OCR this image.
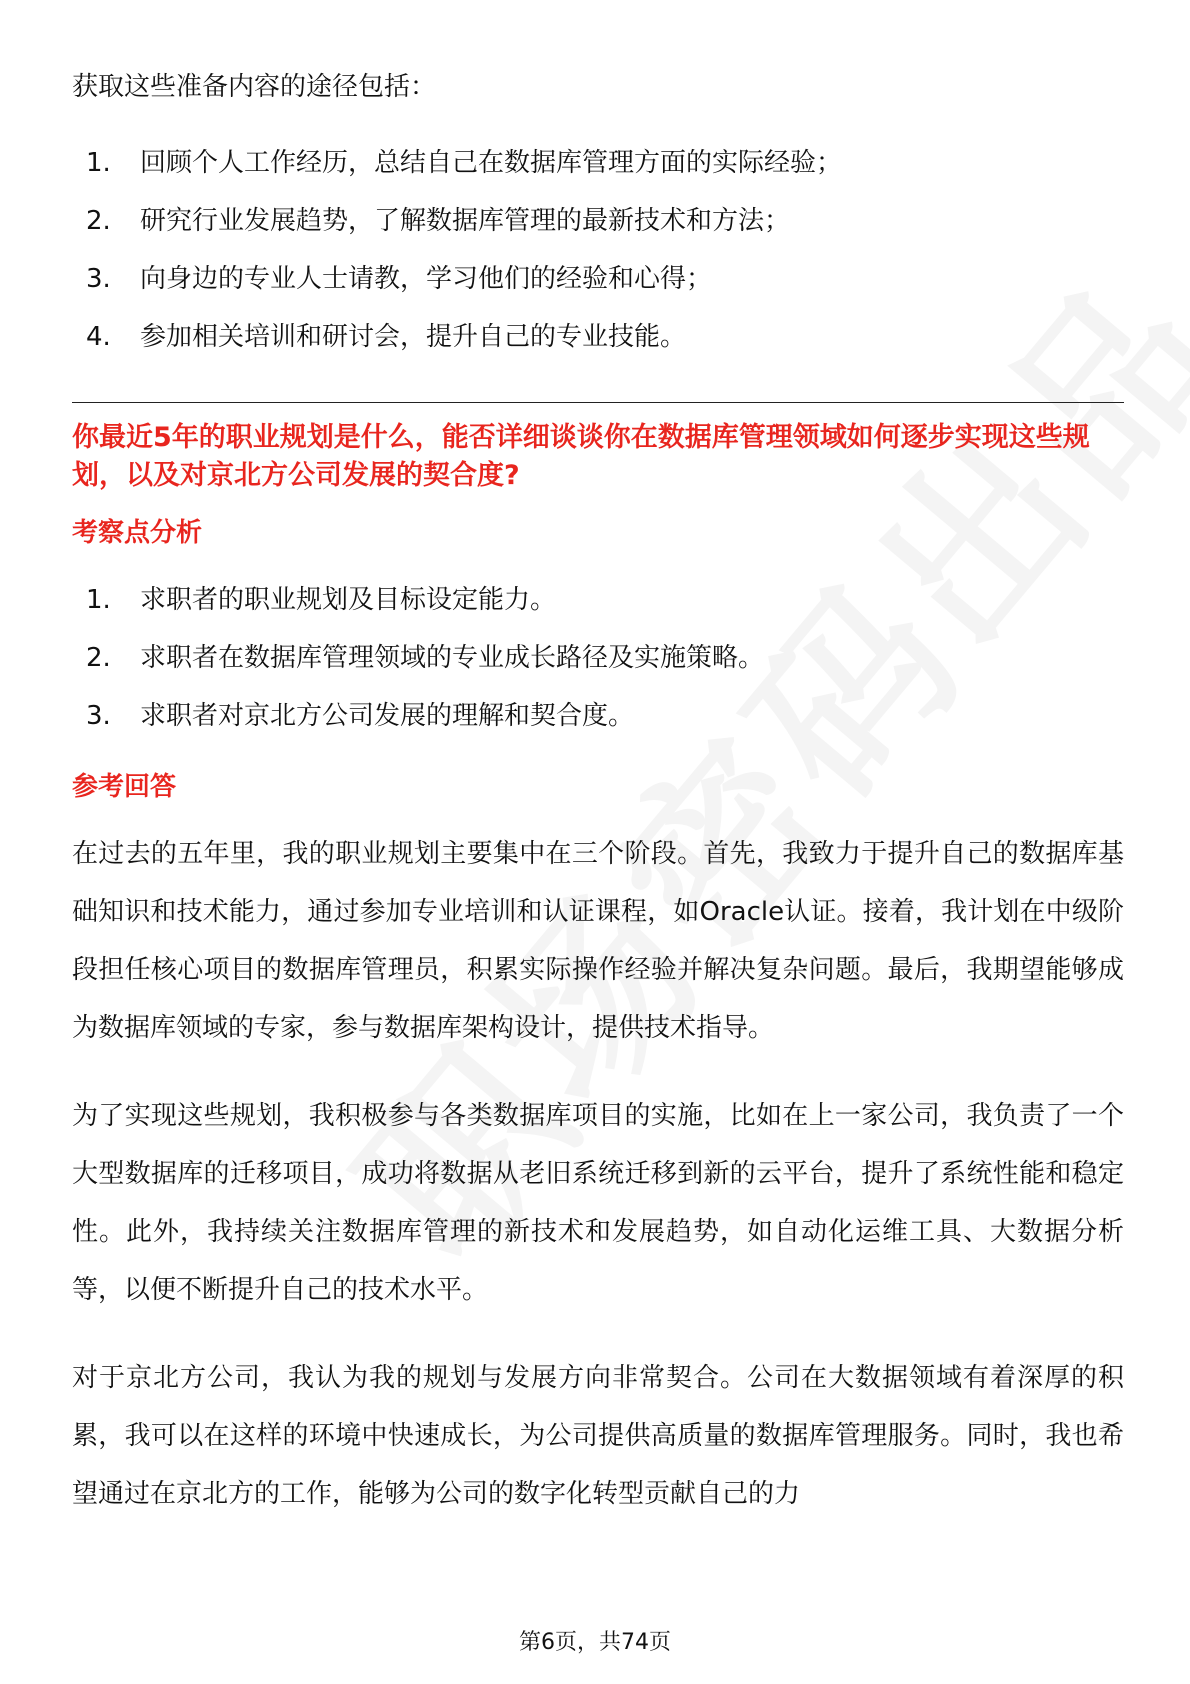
获取这些准备内容的途径包括：

1.	回顾个人工作经历，总结自己在数据库管理方面的实际经验；
2.	研究行业发展趋势，了解数据库管理的最新技术和方法；
3.	向身边的专业人士请教，学习他们的经验和心得；
4.	参加相关培训和研讨会，提升自己的专业技能。

你最近5年的职业规划是什么，能否详细谈谈你在数据库管理领域如何逐步实现这些规划，以及对京北方公司发展的契合度?

考察点分析

1.	求职者的职业规划及目标设定能力。
2.	求职者在数据库管理领域的专业成长路径及实施策略。
3.	求职者对京北方公司发展的理解和契合度。

参考回答

在过去的五年里，我的职业规划主要集中在三个阶段。首先，我致力于提升自己的数据库基础知识和技术能力，通过参加专业培训和认证课程，如Oracle认证。接着，我计划在中级阶段担任核心项目的数据库管理员，积累实际操作经验并解决复杂问题。最后，我期望能够成为数据库领域的专家，参与数据库架构设计，提供技术指导。

为了实现这些规划，我积极参与各类数据库项目的实施，比如在上一家公司，我负责了一个大型数据库的迁移项目，成功将数据从老旧系统迁移到新的云平台，提升了系统性能和稳定性。此外，我持续关注数据库管理的新技术和发展趋势，如自动化运维工具、大数据分析等，以便不断提升自己的技术水平。

对于京北方公司，我认为我的规划与发展方向非常契合。公司在大数据领域有着深厚的积累，我可以在这样的环境中快速成长，为公司提供高质量的数据库管理服务。同时，我也希望通过在京北方的工作，能够为公司的数字化转型贡献自己的力

第6页，共74页
